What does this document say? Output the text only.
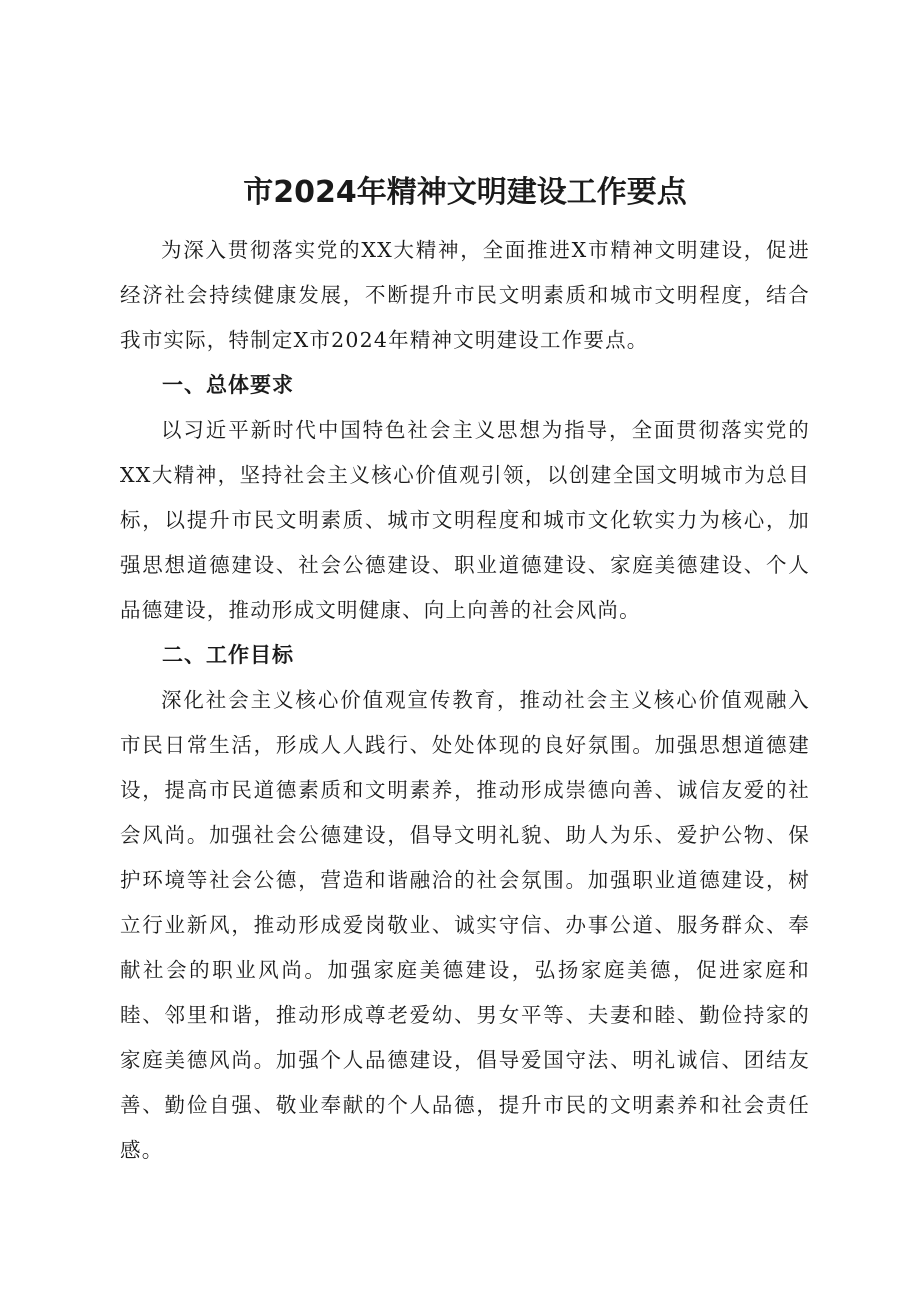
市2024年精神文明建设工作要点

为深入贯彻落实党的XX大精神，全面推进X市精神文明建设，促进经济社会持续健康发展，不断提升市民文明素质和城市文明程度，结合我市实际，特制定X市2024年精神文明建设工作要点。

一、总体要求

以习近平新时代中国特色社会主义思想为指导，全面贯彻落实党的XX大精神，坚持社会主义核心价值观引领，以创建全国文明城市为总目标，以提升市民文明素质、城市文明程度和城市文化软实力为核心，加强思想道德建设、社会公德建设、职业道德建设、家庭美德建设、个人品德建设，推动形成文明健康、向上向善的社会风尚。

二、工作目标

深化社会主义核心价值观宣传教育，推动社会主义核心价值观融入市民日常生活，形成人人践行、处处体现的良好氛围。加强思想道德建设，提高市民道德素质和文明素养，推动形成崇德向善、诚信友爱的社会风尚。加强社会公德建设，倡导文明礼貌、助人为乐、爱护公物、保护环境等社会公德，营造和谐融洽的社会氛围。加强职业道德建设，树立行业新风，推动形成爱岗敬业、诚实守信、办事公道、服务群众、奉献社会的职业风尚。加强家庭美德建设，弘扬家庭美德，促进家庭和睦、邻里和谐，推动形成尊老爱幼、男女平等、夫妻和睦、勤俭持家的家庭美德风尚。加强个人品德建设，倡导爱国守法、明礼诚信、团结友善、勤俭自强、敬业奉献的个人品德，提升市民的文明素养和社会责任感。
